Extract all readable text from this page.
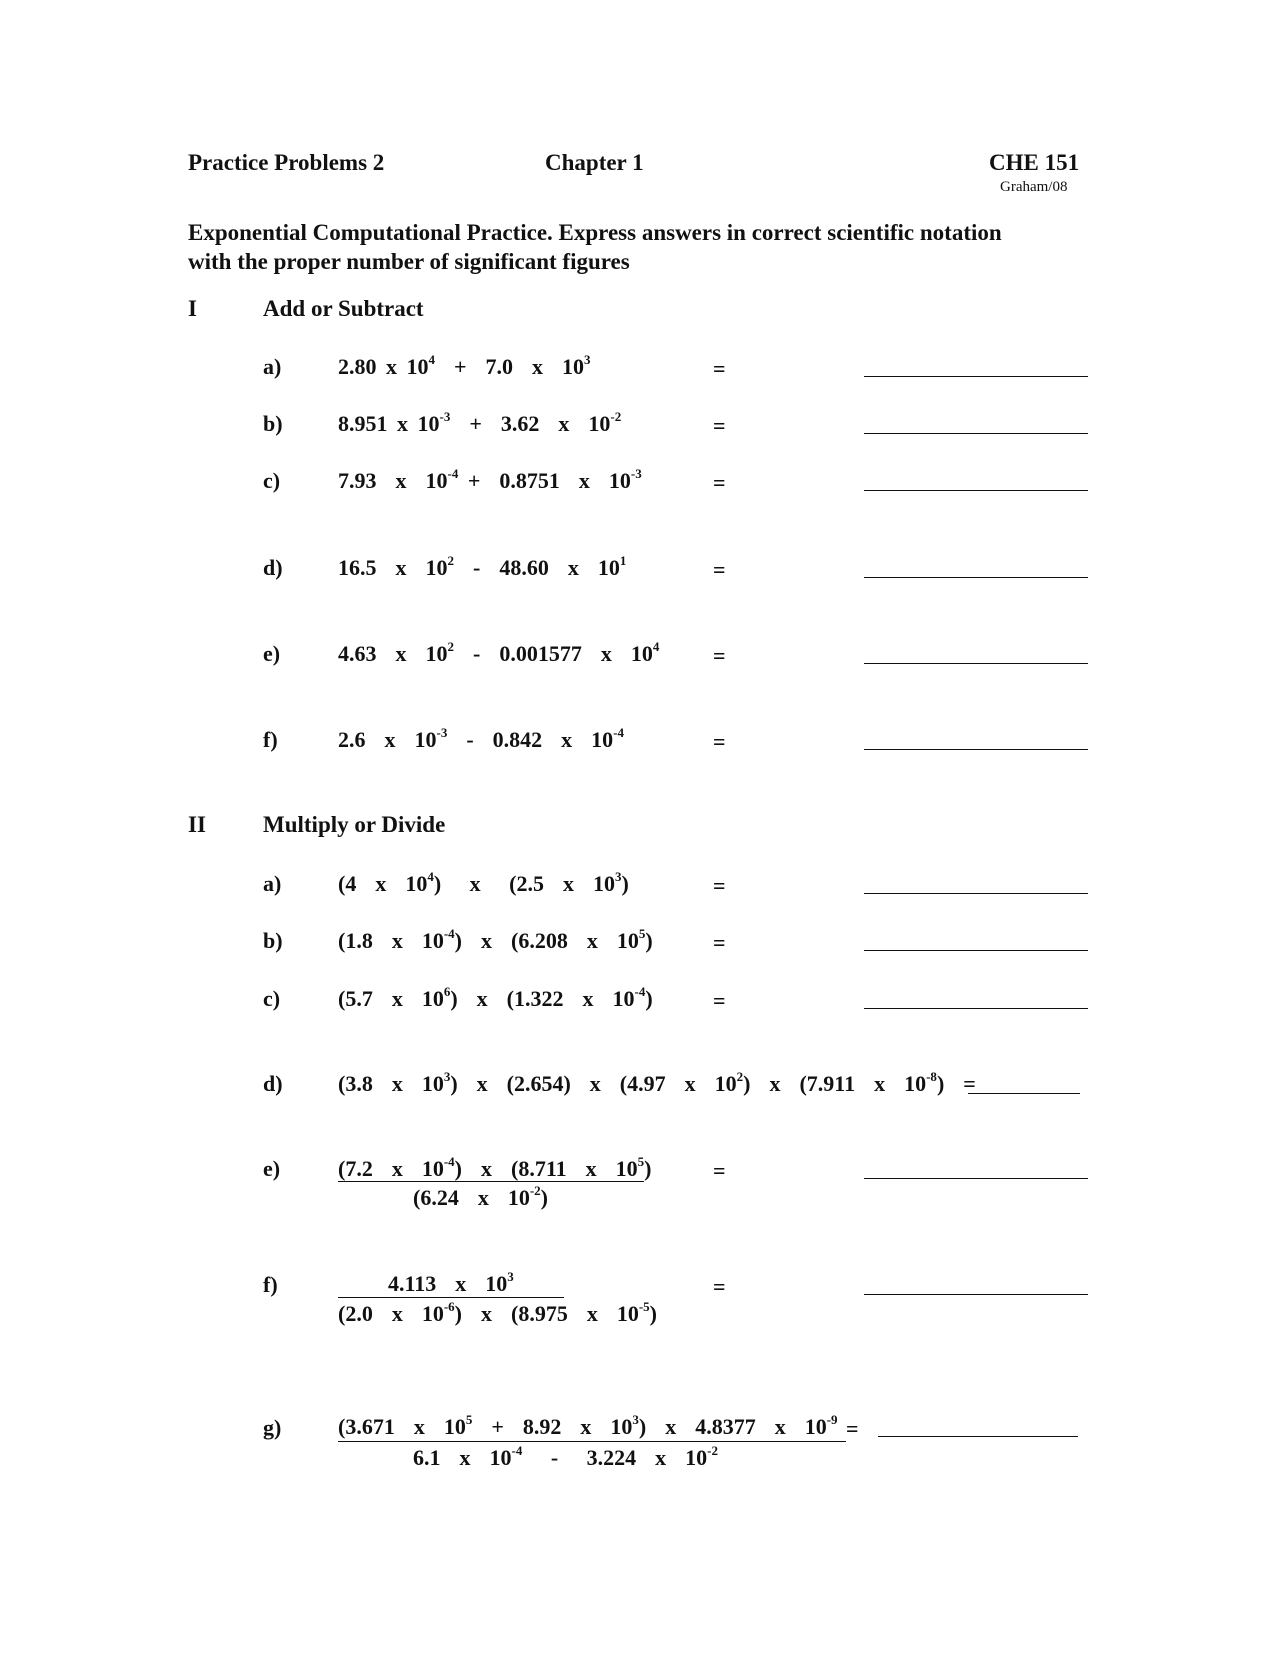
Practice Problems 2	Chapter 1	CHE 151
Graham/08
Exponential Computational Practice. Express answers in correct scientific notation
with the proper number of significant figures
I	Add or Subtract
a)	2.80 x $10^4 + 7.0$  x  $10^3$	=
b)	8.951 x $10^{-3} + 3.62$  x  $10^{-2}$	=
c)	7.93  x  $10^{-4} + 0.8751$  x  $10^{-3}$	=
d)	16.5  x  $10^2 - 48.60$  x  $10^1$	=
e)	4.63  x  $10^2 - 0.001577$  x  $10^4$ =
f)	2.6  x  $10^{-3} - 0.842$  x  $10^{-4}$	=
II Multiply or Divide
a)	(4  x  $10^4$)   x   (2.5  x  $10^3$)	=
b)	(1.8  x  $10^{-4}$)  x  (6.208  x  $10^5$)	=
c)	(5.7  x  $10^6$)  x  (1.322  x  $10^{-4}$)	=
d)	(3.8  x  $10^3$)  x  (2.654)  x  (4.97  x  $10^2$)  x  (7.911  x  $10^{-8}$)  =
e)	(7.2  x  $10^{-4}$)  x  (8.711  x  $10^5$)
(6.24  x  $10^{-2}$)
=
f)	4.113  x  $10^3$
(2.0  x  $10^{-6}$)  x  (8.975  x  $10^{-5}$)
=
g)	(3.671  x  $10^5 + 8.92$  x  $10^3$)  x  4.8377  x  $10^{-9}$
6.1  x  $10^{-4} - 3.224$  x  $10^{-2}$
=
